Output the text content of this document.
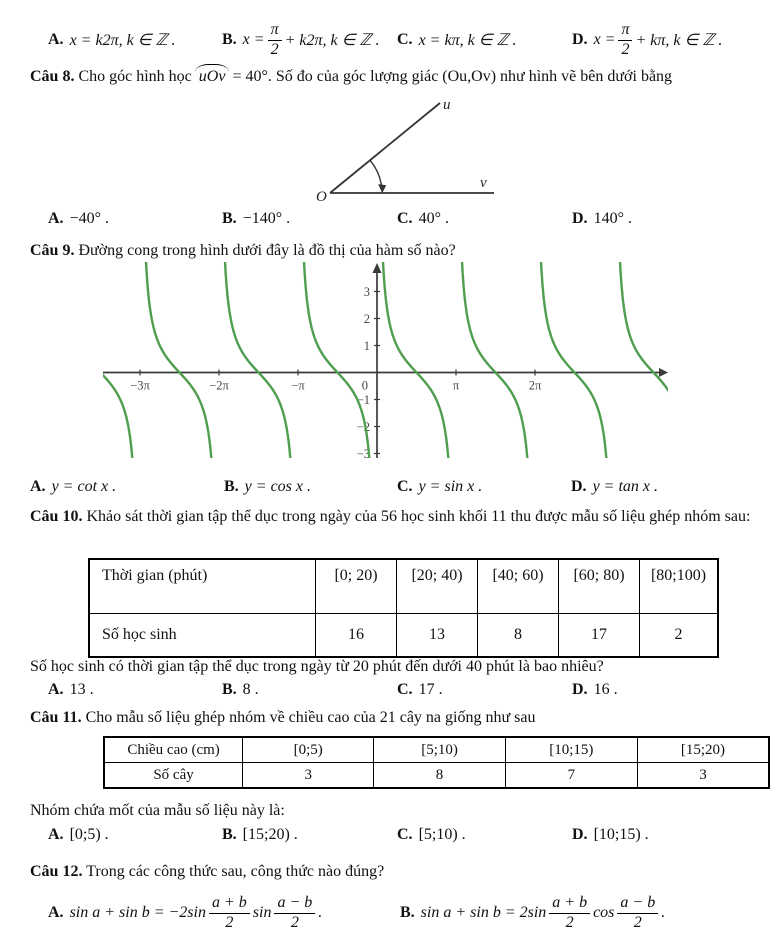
A. x = k2π, k ∈ ℤ .	B. $x = \frac{\pi}{2} + k2\pi$, k ∈ ℤ . C. x = kπ, k ∈ ℤ .	D. $x = \frac{\pi}{2} + k\pi$, k ∈ ℤ .
Câu 8. Cho góc hình học uOv = 40°. Số đo của góc lượng giác (Ou,Ov) như hình vẽ bên dưới bằng
u
v
O
A. −40° .	B. −140° .	C. 40° .	D. 140° .
Câu 9. Đường cong trong hình dưới đây là đồ thị của hàm số nào?
−3π	−2π	−π	0	π	2π
3
2
1
−1
−2
−3
A. y = cot x .	B. y = cos x .	C. y = sin x .	D. y = tan x .
Câu 10. Khảo sát thời gian tập thể dục trong ngày của 56 học sinh khối 11 thu được mẫu số liệu ghép nhóm sau:
Thời gian (phút)	[0; 20)	[20; 40)	[40; 60)	[60; 80)	[80;100)
Số học sinh	16	13	8	17	2
Số học sinh có thời gian tập thể dục trong ngày từ 20 phút đến dưới 40 phút là bao nhiêu?
A. 13 .	B. 8 .	C. 17 .	D. 16 .
Câu 11. Cho mẫu số liệu ghép nhóm về chiều cao của 21 cây na giống như sau
Chiều cao (cm)	[0;5)	[5;10)	[10;15)	[15;20)
Số cây	3	8	7	3
Nhóm chứa mốt của mẫu số liệu này là:
A. [0;5) .	B. [15;20) .	C. [5;10) .	D. [10;15) .
Câu 12. Trong các công thức sau, công thức nào đúng?
A. $\sin a + \sin b = -2\sin \frac{a + b}{2}$ $\sin \frac{a - b}{2}$ .	B. $\sin a + \sin b = 2\sin \frac{a + b}{2}$ $\cos \frac{a - b}{2}$ .
